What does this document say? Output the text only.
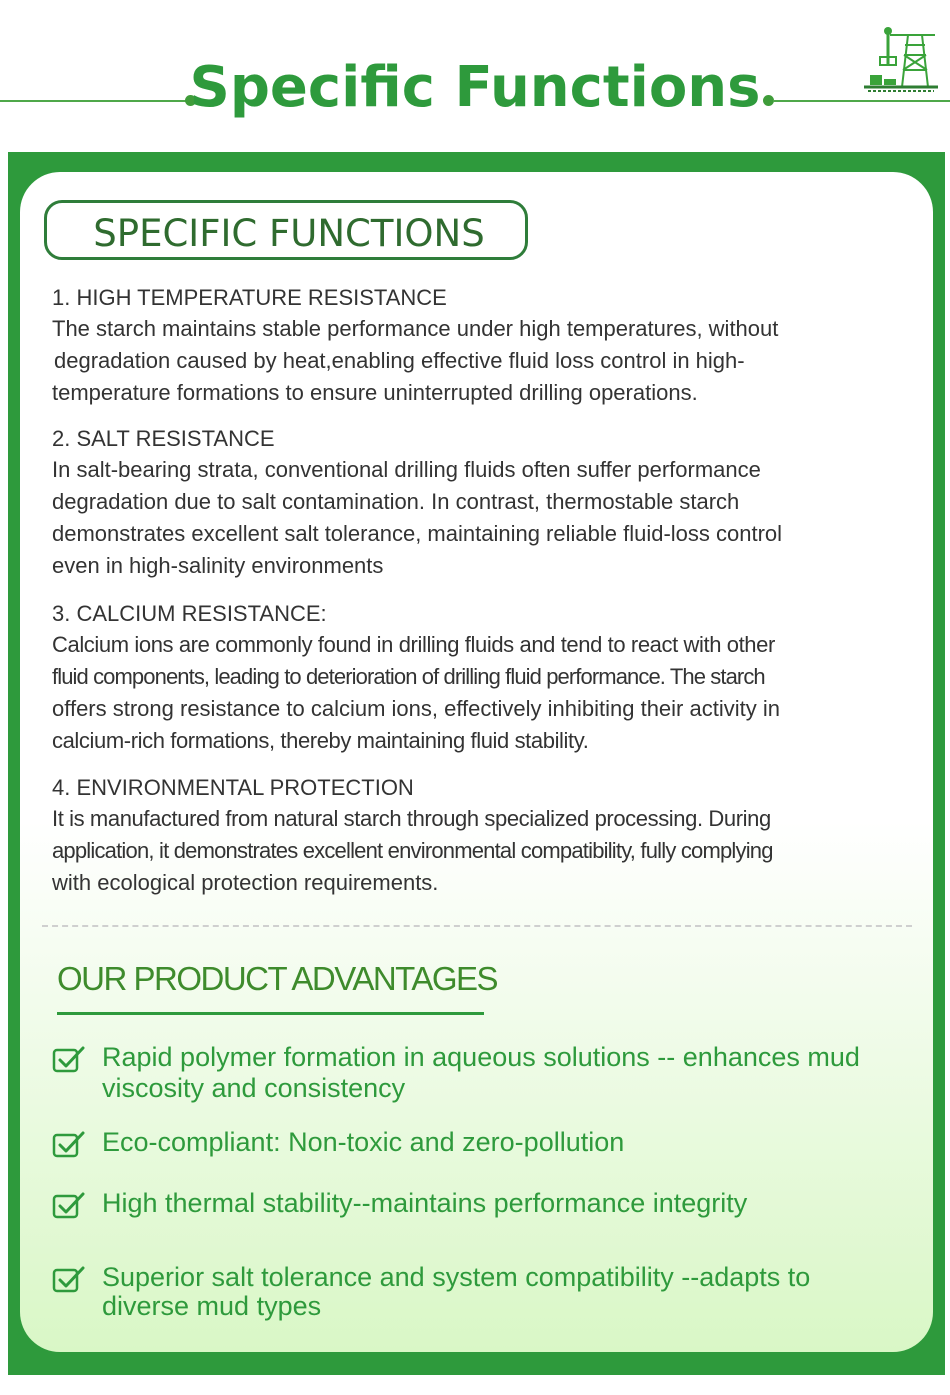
Specific Functions
SPECIFIC FUNCTIONS
1. HIGH TEMPERATURE RESISTANCE
The starch maintains stable performance under high temperatures, without
degradation caused by heat,enabling effective fluid loss control in high-
temperature formations to ensure uninterrupted drilling operations.
2. SALT RESISTANCE
In salt-bearing strata, conventional drilling fluids often suffer performance
degradation due to salt contamination. In contrast, thermostable starch
demonstrates excellent salt tolerance, maintaining reliable fluid-loss control
even in high-salinity environments
3. CALCIUM RESISTANCE:
Calcium ions are commonly found in drilling fluids and tend to react with other
fluid components, leading to deterioration of drilling fluid performance. The starch
offers strong resistance to calcium ions, effectively inhibiting their activity in
calcium-rich formations, thereby maintaining fluid stability.
4. ENVIRONMENTAL PROTECTION
It is manufactured from natural starch through specialized processing. During
application, it demonstrates excellent environmental compatibility, fully complying
with ecological protection requirements.
OUR PRODUCT ADVANTAGES
Rapid polymer formation in aqueous solutions -- enhances mud
viscosity and consistency
Eco-compliant: Non-toxic and zero-pollution
High thermal stability--maintains performance integrity
Superior salt tolerance and system compatibility --adapts to
diverse mud types
